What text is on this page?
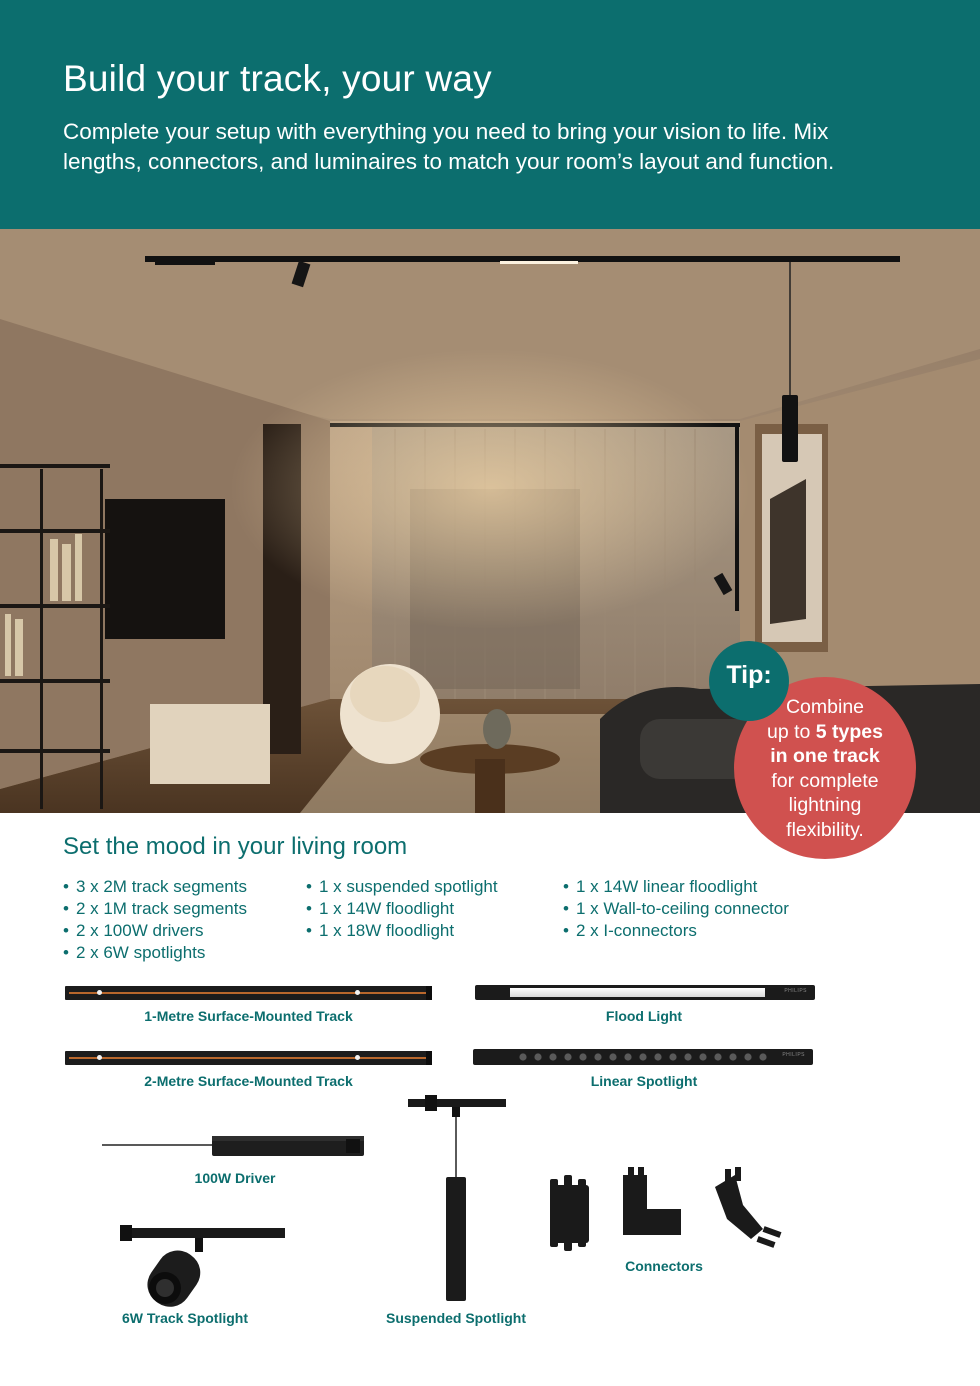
Build your track, your way

Complete your setup with everything you need to bring your vision to life. Mix lengths, connectors, and luminaires to match your room’s layout and function.

Tip:
Combine
up to 5 types
in one track
for complete
lightning
flexibility.
Set the mood in your living room
• 3 x 2M track segments
• 2 x 1M track segments
• 2 x 100W drivers
• 2 x 6W spotlights
• 1 x suspended spotlight
• 1 x 14W floodlight
• 1 x 18W floodlight
• 1 x 14W linear floodlight
• 1 x Wall-to-ceiling connector
• 2 x I-connectors
1-Metre Surface-Mounted Track
PHILIPS
Flood Light
2-Metre Surface-Mounted Track
PHILIPS
Linear Spotlight
100W Driver
6W Track Spotlight	Suspended Spotlight
Connectors
